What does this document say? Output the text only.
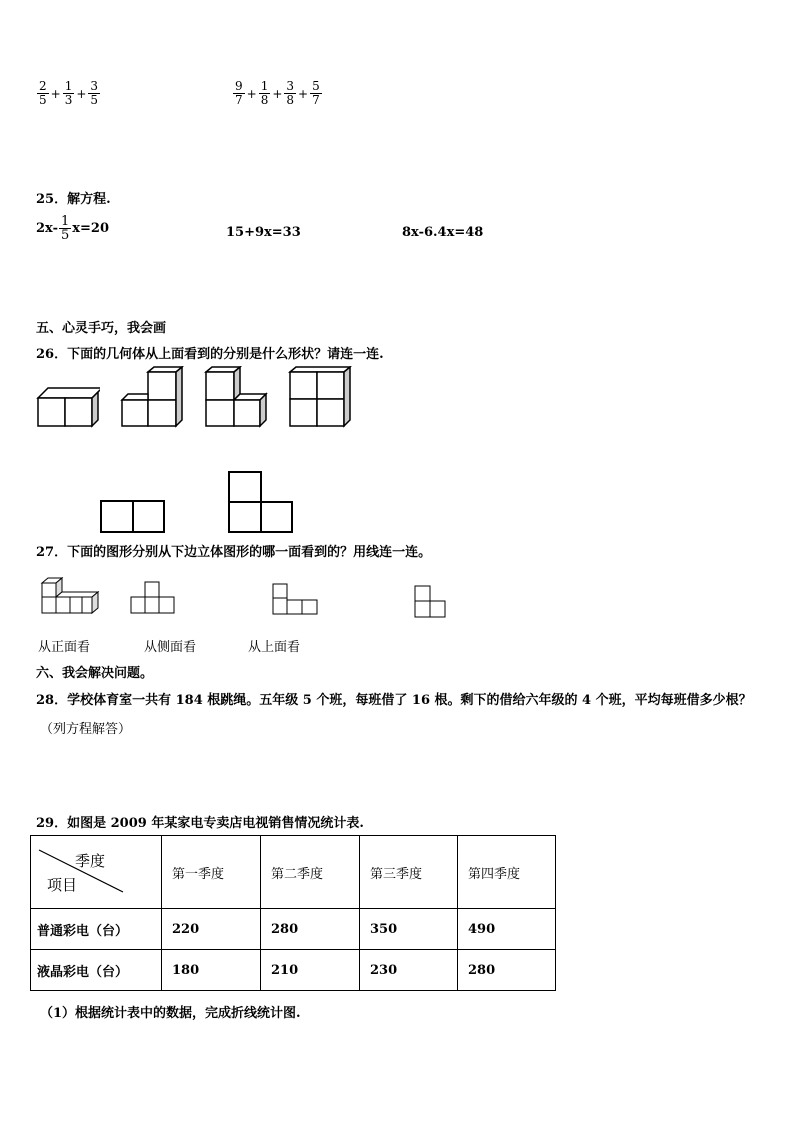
$\frac{2}{5} + \frac{1}{3} + \frac{3}{5}$	$\frac{9}{7} + \frac{1}{8} + \frac{3}{8} + \frac{5}{7}$
25．解方程.
$2x- \frac{1}{5} x=20$	15+9x=33	8x-6.4x=48
五、心灵手巧，我会画
26．下面的几何体从上面看到的分别是什么形状？请连一连.
27．下面的图形分别从下边立体图形的哪一面看到的？用线连一连。
从正面看	从侧面看	从上面看
六、我会解决问题。
28．学校体育室一共有 184 根跳绳。五年级 5 个班，每班借了 16 根。剩下的借给六年级的 4 个班，平均每班借多少根？
（列方程解答）
29．如图是 2009 年某家电专卖店电视销售情况统计表.
季度
项目	第一季度	第二季度	第三季度	第四季度
普通彩电（台）	220	280	350	490
液晶彩电（台）	180	210	230	280
（1）根据统计表中的数据，完成折线统计图.
